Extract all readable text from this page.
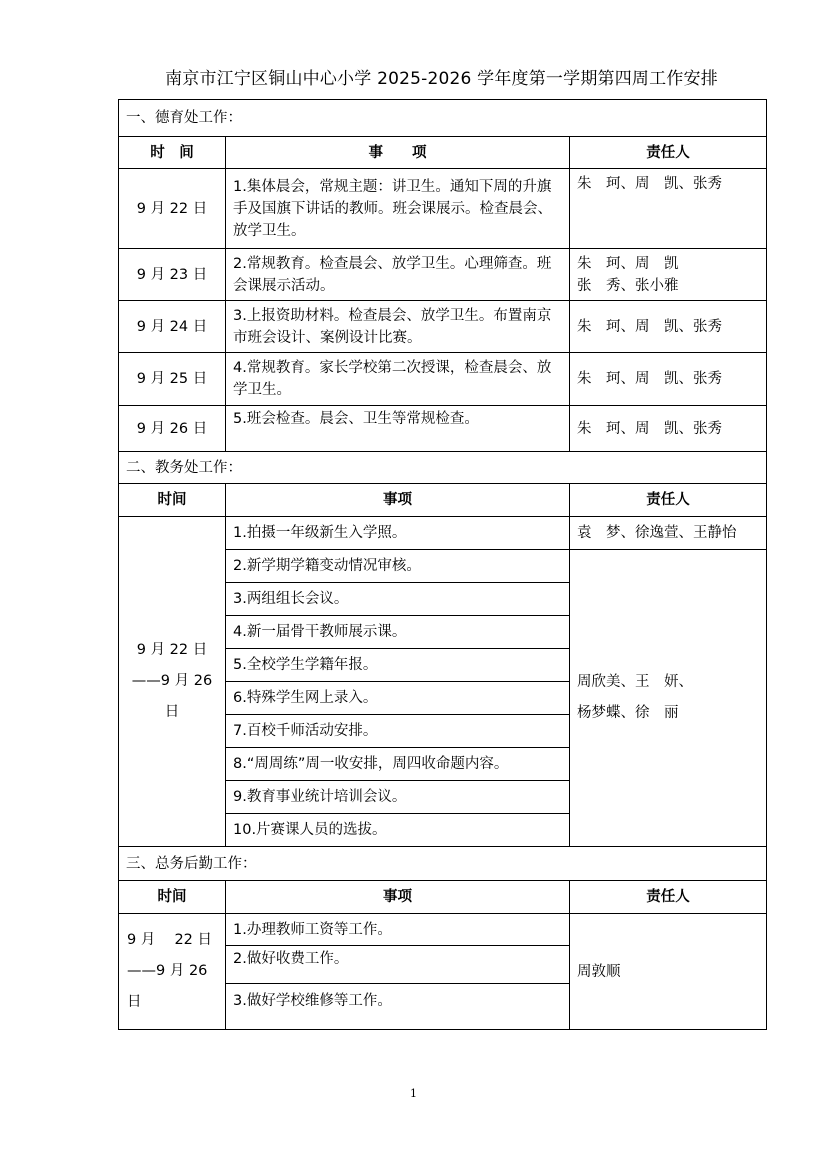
南京市江宁区铜山中心小学 2025-2026 学年度第一学期第四周工作安排
一、德育处工作：		
时　间	事　　项	责任人
9 月 22 日	1.集体晨会，常规主题：讲卫生。通知下周的升旗手及国旗下讲话的教师。班会课展示。检查晨会、放学卫生。	朱　珂、周　凯、张秀
9 月 23 日	2.常规教育。检查晨会、放学卫生。心理筛查。班会课展示活动。	朱　珂、周　凯
张　秀、张小雅

9 月 24 日	3.上报资助材料。检查晨会、放学卫生。布置南京市班会设计、案例设计比赛。	朱　珂、周　凯、张秀
9 月 25 日	4.常规教育。家长学校第二次授课，检查晨会、放学卫生。	朱　珂、周　凯、张秀
9 月 26 日	5.班会检查。晨会、卫生等常规检查。	朱　珂、周　凯、张秀
二、教务处工作：		
时间	事项	责任人
9 月 22 日——9 月 26 日	1.拍摄一年级新生入学照。	袁　梦、徐逸萱、王静怡
	2.新学期学籍变动情况审核。	周欣美、王　妍、
杨梦蝶、徐　丽

	3.两组组长会议。	
	4.新一届骨干教师展示课。	
	5.全校学生学籍年报。	
	6.特殊学生网上录入。	
	7.百校千师活动安排。	
	8.“周周练”周一收安排，周四收命题内容。	
	9.教育事业统计培训会议。	
	10.片赛课人员的选拔。	
三、总务后勤工作：		
时间	事项	责任人
9 月　 22 日——9 月 26 日	1.办理教师工资等工作。	周敦顺
	2.做好收费工作。	
	3.做好学校维修等工作。	
1
